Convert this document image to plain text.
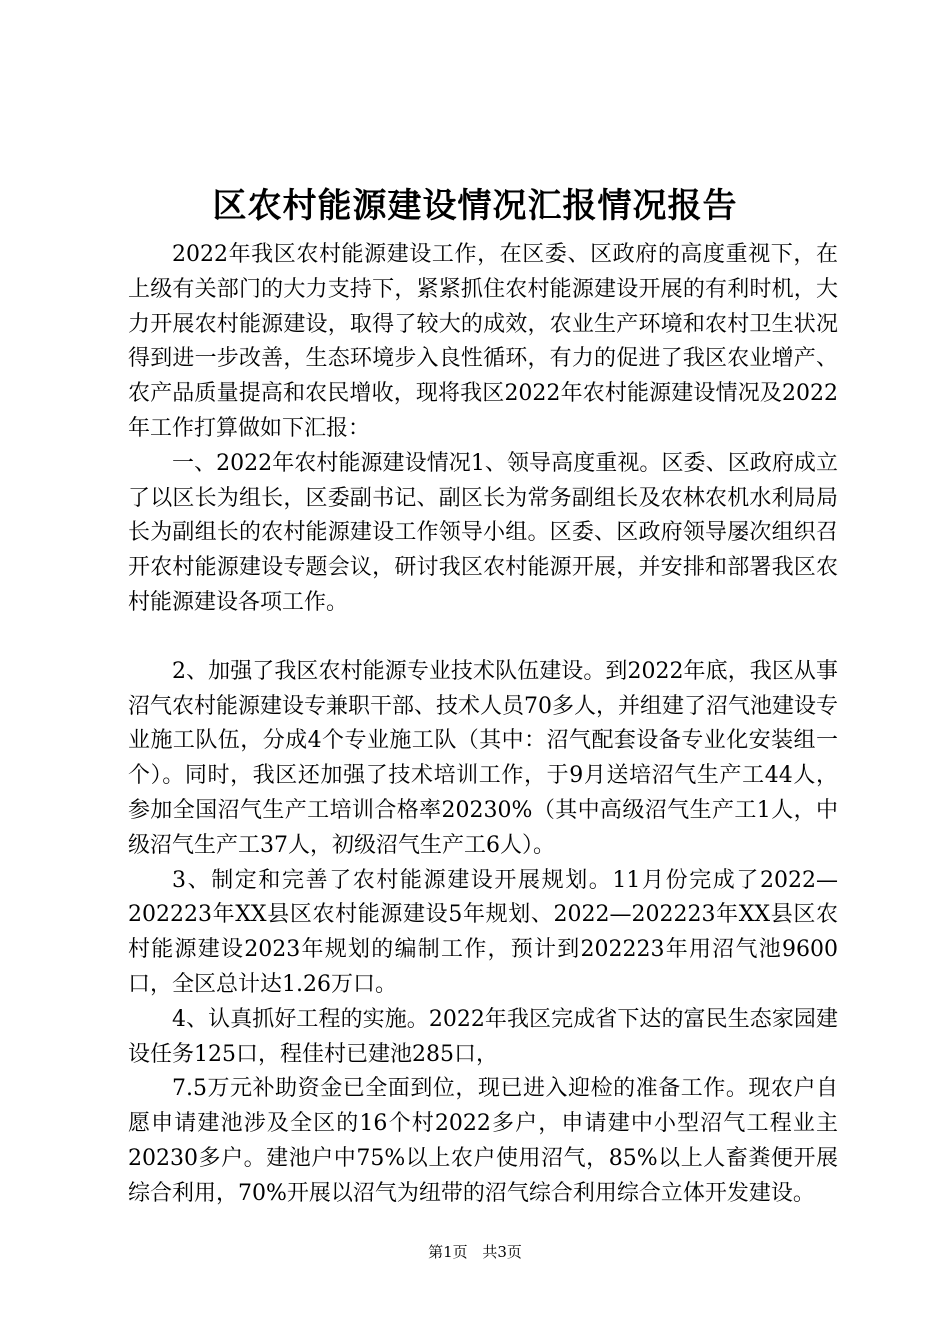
区农村能源建设情况汇报情况报告

2022年我区农村能源建设工作，在区委、区政府的高度重视下，在上级有关部门的大力支持下，紧紧抓住农村能源建设开展的有利时机，大力开展农村能源建设，取得了较大的成效，农业生产环境和农村卫生状况得到进一步改善，生态环境步入良性循环，有力的促进了我区农业增产、农产品质量提高和农民增收，现将我区2022年农村能源建设情况及2022年工作打算做如下汇报：

一、2022年农村能源建设情况1、领导高度重视。区委、区政府成立了以区长为组长，区委副书记、副区长为常务副组长及农林农机水利局局长为副组长的农村能源建设工作领导小组。区委、区政府领导屡次组织召开农村能源建设专题会议，研讨我区农村能源开展，并安排和部署我区农村能源建设各项工作。

2、加强了我区农村能源专业技术队伍建设。到2022年底，我区从事沼气农村能源建设专兼职干部、技术人员70多人，并组建了沼气池建设专业施工队伍，分成4个专业施工队（其中：沼气配套设备专业化安装组一个）。同时，我区还加强了技术培训工作，于9月送培沼气生产工44人，参加全国沼气生产工培训合格率20230%（其中高级沼气生产工1人，中级沼气生产工37人，初级沼气生产工6人）。

3、制定和完善了农村能源建设开展规划。11月份完成了2022—202223年XX县区农村能源建设5年规划、2022—202223年XX县区农村能源建设2023年规划的编制工作，预计到202223年用沼气池9600口，全区总计达1.26万口。

4、认真抓好工程的实施。2022年我区完成省下达的富民生态家园建设任务125口，程佳村已建池285口，

7.5万元补助资金已全面到位，现已进入迎检的准备工作。现农户自愿申请建池涉及全区的16个村2022多户，申请建中小型沼气工程业主20230多户。建池户中75%以上农户使用沼气，85%以上人畜粪便开展综合利用，70%开展以沼气为纽带的沼气综合利用综合立体开发建设。

第1页 共3页
